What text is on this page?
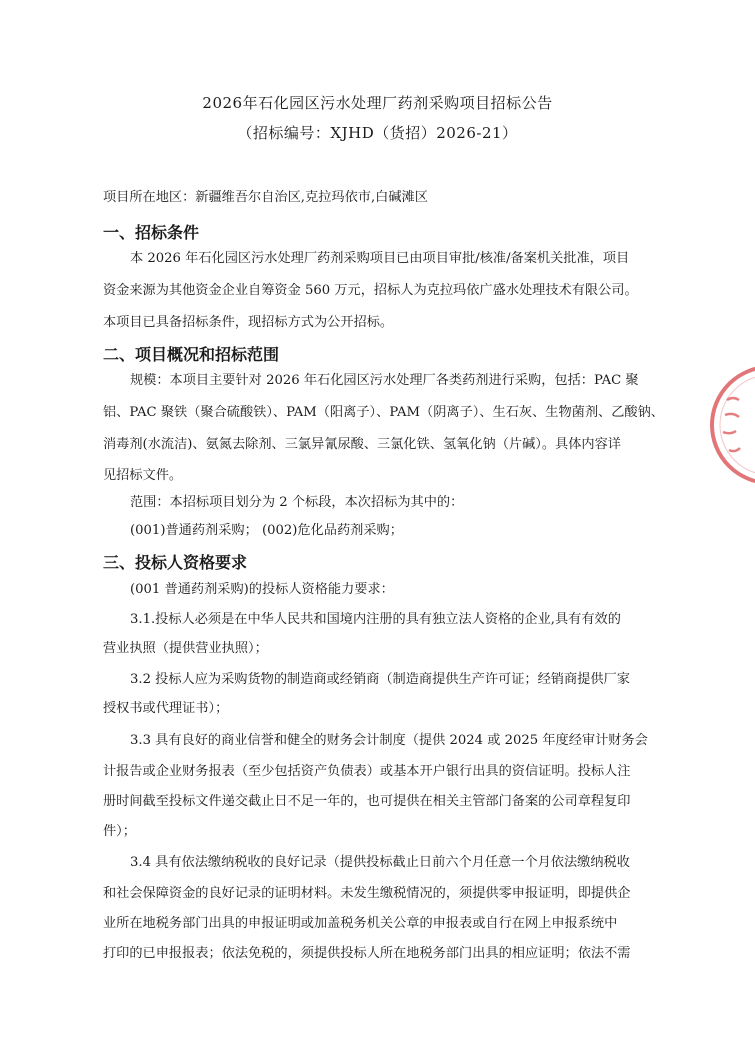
2026年石化园区污水处理厂药剂采购项目招标公告
（招标编号：XJHD（货招）2026-21）
项目所在地区：新疆维吾尔自治区,克拉玛依市,白碱滩区
一、招标条件
本 2026 年石化园区污水处理厂药剂采购项目已由项目审批/核准/备案机关批准，项目
资金来源为其他资金企业自筹资金 560 万元，招标人为克拉玛依广盛水处理技术有限公司。
本项目已具备招标条件，现招标方式为公开招标。
二、项目概况和招标范围
规模：本项目主要针对 2026 年石化园区污水处理厂各类药剂进行采购，包括：PAC 聚
铝、PAC 聚铁（聚合硫酸铁）、PAM（阳离子）、PAM（阴离子）、生石灰、生物菌剂、乙酸钠、
消毒剂(水流洁)、氨氮去除剂、三氯异氰尿酸、三氯化铁、氢氧化钠（片碱）。具体内容详
见招标文件。
范围：本招标项目划分为 2 个标段，本次招标为其中的：
(001)普通药剂采购； (002)危化品药剂采购；
三、投标人资格要求
(001 普通药剂采购)的投标人资格能力要求：
3.1.投标人必须是在中华人民共和国境内注册的具有独立法人资格的企业,具有有效的
营业执照（提供营业执照）；
3.2 投标人应为采购货物的制造商或经销商（制造商提供生产许可证；经销商提供厂家
授权书或代理证书）；
3.3 具有良好的商业信誉和健全的财务会计制度（提供 2024 或 2025 年度经审计财务会
计报告或企业财务报表（至少包括资产负债表）或基本开户银行出具的资信证明。投标人注
册时间截至投标文件递交截止日不足一年的，也可提供在相关主管部门备案的公司章程复印
件）；
3.4 具有依法缴纳税收的良好记录（提供投标截止日前六个月任意一个月依法缴纳税收
和社会保障资金的良好记录的证明材料。未发生缴税情况的，须提供零申报证明，即提供企
业所在地税务部门出具的申报证明或加盖税务机关公章的申报表或自行在网上申报系统中
打印的已申报报表；依法免税的，须提供投标人所在地税务部门出具的相应证明；依法不需
